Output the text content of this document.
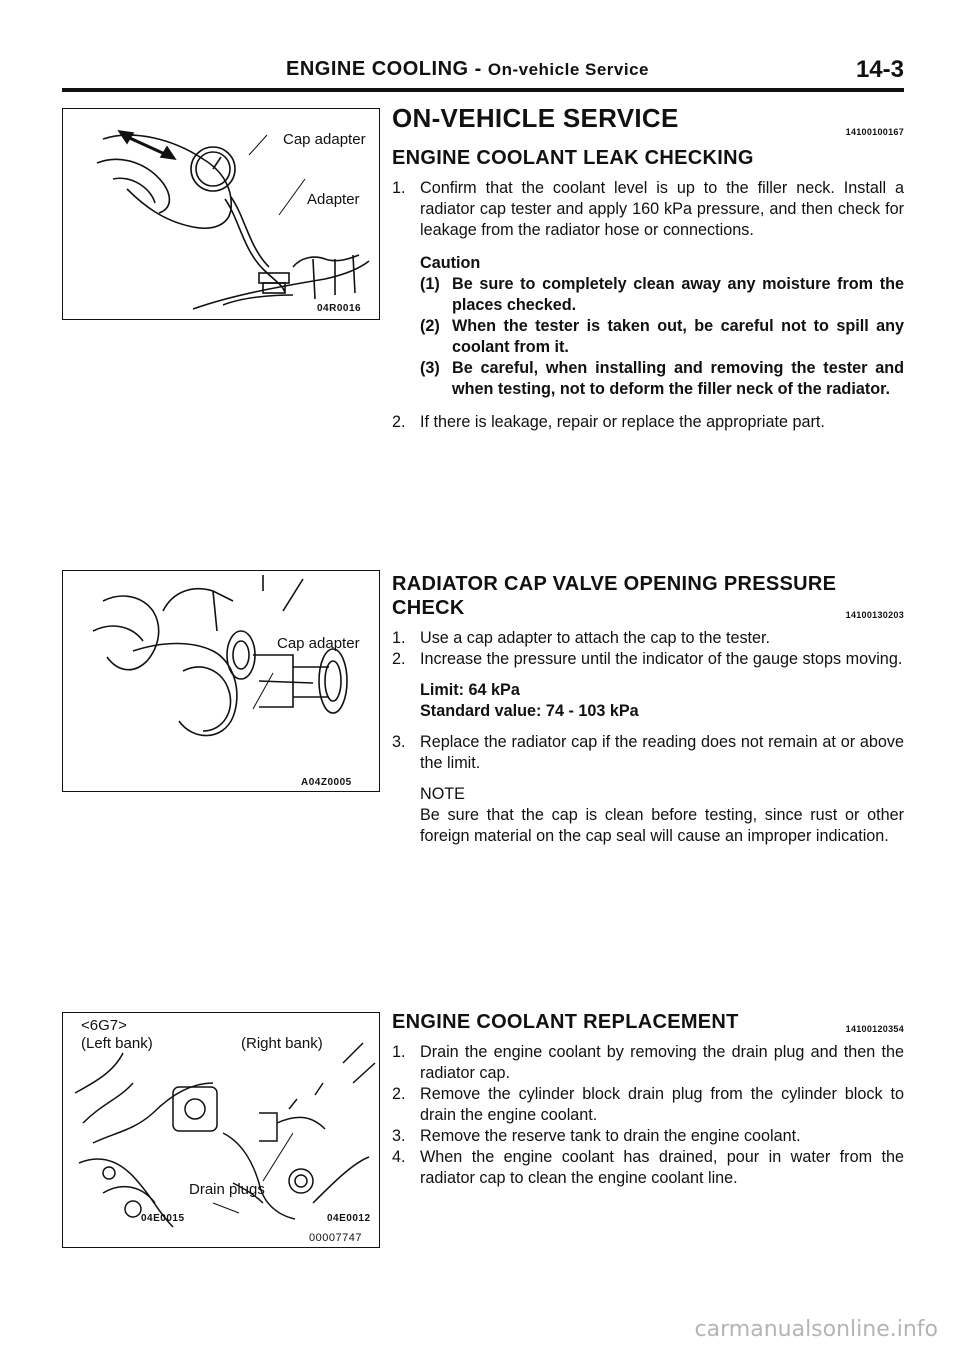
ENGINE COOLING - On-vehicle Service	14-3
Cap adapter
Adapter
04R0016
Cap adapter
A04Z0005
<6G7>
(Left bank)	(Right bank)
Drain plugs
04E0015	04E0012
00007747
ON-VEHICLE SERVICE	14100100167
ENGINE COOLANT LEAK CHECKING
1. Confirm that the coolant level is up to the filler neck. Install a radiator cap tester and apply 160 kPa pressure, and then check for leakage from the radiator hose or connections.
Caution
(1) Be sure to completely clean away any moisture from the places checked.
(2) When the tester is taken out, be careful not to spill any coolant from it.
(3) Be careful, when installing and removing the tester and when testing, not to deform the filler neck of the radiator.
2. If there is leakage, repair or replace the appropriate part.
RADIATOR CAP VALVE OPENING PRESSURE
CHECK	14100130203
1. Use a cap adapter to attach the cap to the tester.
2. Increase the pressure until the indicator of the gauge stops moving.
Limit: 64 kPa
Standard value: 74 - 103 kPa
3. Replace the radiator cap if the reading does not remain at or above the limit.
NOTE
Be sure that the cap is clean before testing, since rust or other foreign material on the cap seal will cause an improper indication.
ENGINE COOLANT REPLACEMENT	14100120354
1. Drain the engine coolant by removing the drain plug and then the radiator cap.
2. Remove the cylinder block drain plug from the cylinder block to drain the engine coolant.
3. Remove the reserve tank to drain the engine coolant.
4. When the engine coolant has drained, pour in water from the radiator cap to clean the engine coolant line.
carmanualsonline.info
